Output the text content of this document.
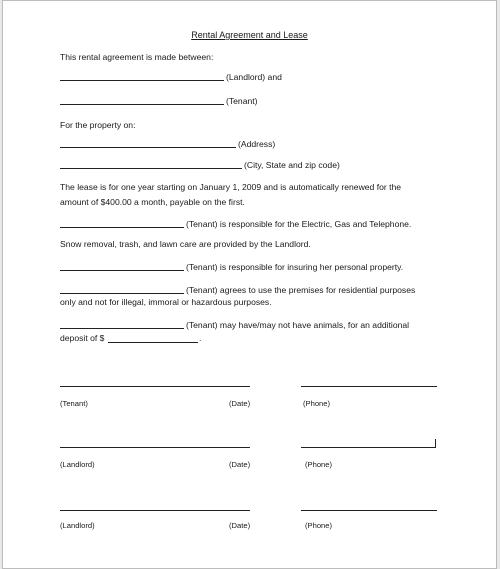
Rental Agreement and Lease
This rental agreement is made between:
(Landlord) and
(Tenant)
For the property on:
(Address)
(City, State and zip code)
The lease is for one year starting on January 1, 2009 and is automatically renewed for the
amount of $400.00 a month, payable on the first.
(Tenant) is responsible for the Electric, Gas and Telephone.
Snow removal, trash, and lawn care are provided by the Landlord.
(Tenant) is responsible for insuring her personal property.
(Tenant) agrees to use the premises for residential purposes
only and not for illegal, immoral or hazardous purposes.
(Tenant) may have/may not have animals, for an additional
deposit of $	.
(Tenant)	(Date)	(Phone)
(Landlord)	(Date)	(Phone)
(Landlord)	(Date)	(Phone)
